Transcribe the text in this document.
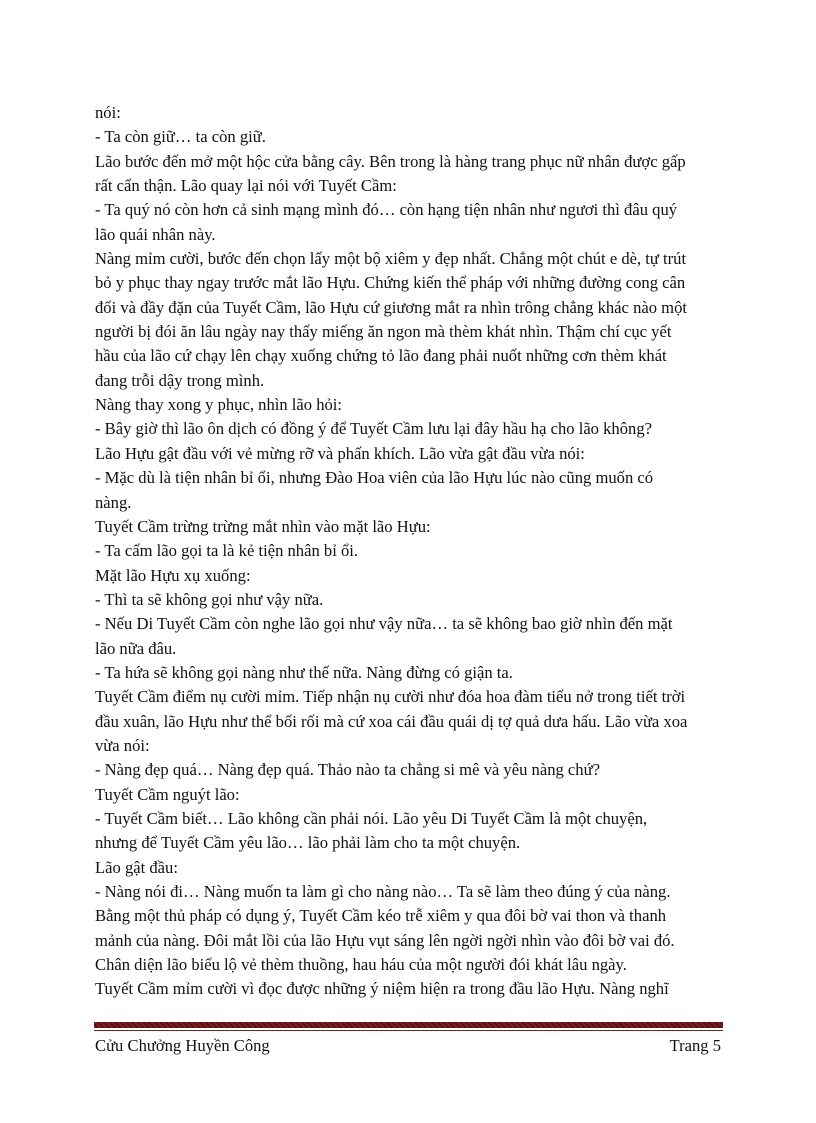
nói:
- Ta còn giữ… ta còn giữ.
Lão bước đến mở một hộc cửa bằng cây. Bên trong là hàng trang phục nữ nhân được gấp
rất cẩn thận. Lão quay lại nói với Tuyết Cầm:
- Ta quý nó còn hơn cả sinh mạng mình đó… còn hạng tiện nhân như ngươi thì đâu quý
lão quái nhân này.
Nàng mỉm cười, bước đến chọn lấy một bộ xiêm y đẹp nhất. Chẳng một chút e dè, tự trút
bỏ y phục thay ngay trước mắt lão Hựu. Chứng kiến thể pháp với những đường cong cân
đối và đầy đặn của Tuyết Cầm, lão Hựu cứ giương mắt ra nhìn trông chẳng khác nào một
người bị đói ăn lâu ngày nay thấy miếng ăn ngon mà thèm khát nhìn. Thậm chí cục yết
hầu của lão cứ chạy lên chạy xuống chứng tỏ lão đang phải nuốt những cơn thèm khát
đang trỗi dậy trong mình.
Nàng thay xong y phục, nhìn lão hỏi:
- Bây giờ thì lão ôn dịch có đồng ý để Tuyết Cầm lưu lại đây hầu hạ cho lão không?
Lão Hựu gật đầu với vẻ mừng rỡ và phấn khích. Lão vừa gật đầu vừa nói:
- Mặc dù là tiện nhân bỉ ổi, nhưng Đào Hoa viên của lão Hựu lúc nào cũng muốn có
nàng.
Tuyết Cầm trừng trừng mắt nhìn vào mặt lão Hựu:
- Ta cấm lão gọi ta là kẻ tiện nhân bỉ ổi.
Mặt lão Hựu xụ xuống:
- Thì ta sẽ không gọi như vậy nữa.
- Nếu Di Tuyết Cầm còn nghe lão gọi như vậy nữa… ta sẽ không bao giờ nhìn đến mặt
lão nữa đâu.
- Ta hứa sẽ không gọi nàng như thế nữa. Nàng đừng có giận ta.
Tuyết Cầm điểm nụ cười mỉm. Tiếp nhận nụ cười như đóa hoa đàm tiếu nở trong tiết trời
đầu xuân, lão Hựu như thể bối rối mà cứ xoa cái đầu quái dị tợ quả dưa hấu. Lão vừa xoa
vừa nói:
- Nàng đẹp quá… Nàng đẹp quá. Thảo nào ta chẳng si mê và yêu nàng chứ?
Tuyết Cầm nguýt lão:
- Tuyết Cầm biết… Lão không cần phải nói. Lão yêu Di Tuyết Cầm là một chuyện,
nhưng để Tuyết Cầm yêu lão… lão phải làm cho ta một chuyện.
Lão gật đầu:
- Nàng nói đi… Nàng muốn ta làm gì cho nàng nào… Ta sẽ làm theo đúng ý của nàng.
Bằng một thủ pháp có dụng ý, Tuyết Cầm kéo trễ xiêm y qua đôi bờ vai thon và thanh
mảnh của nàng. Đôi mắt lồi của lão Hựu vụt sáng lên ngời ngời nhìn vào đôi bờ vai đó.
Chân diện lão biểu lộ vẻ thèm thuồng, hau háu của một người đói khát lâu ngày.
Tuyết Cầm mỉm cười vì đọc được những ý niệm hiện ra trong đầu lão Hựu. Nàng nghĩ
Cửu Chưởng Huyền Công	Trang 5
